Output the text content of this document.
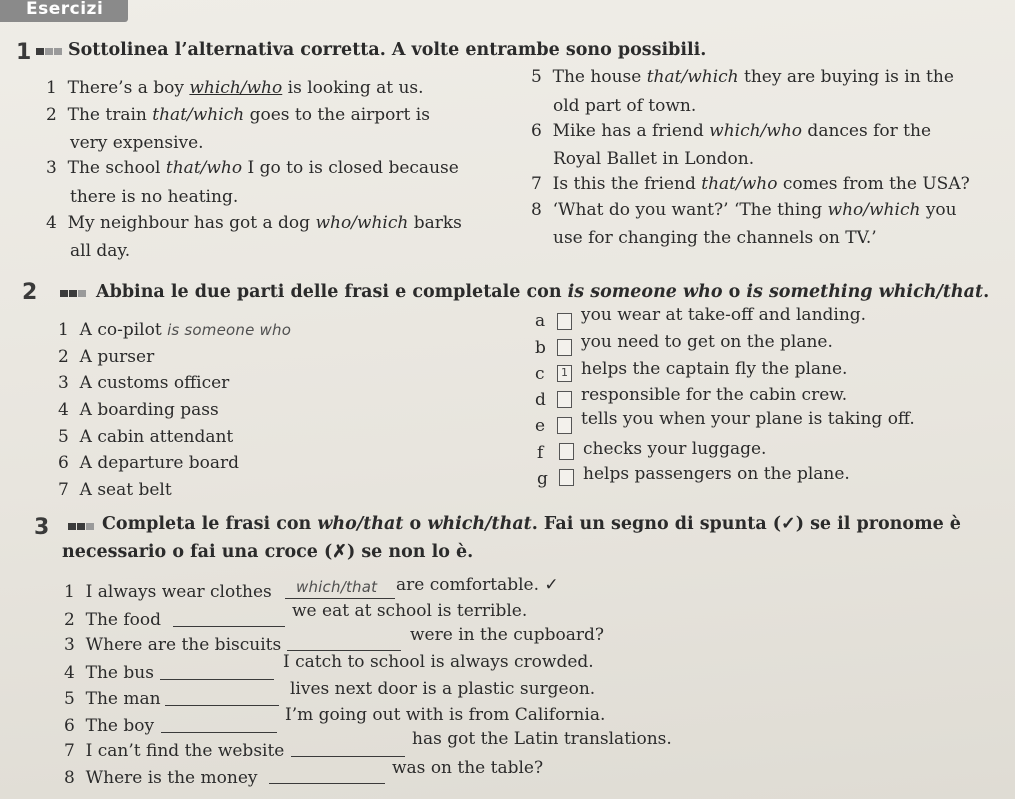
Esercizi
1 Sottolinea l’alternativa corretta. A volte entrambe sono possibili.
1 There’s a boy which/who is looking at us.
2 The train that/which goes to the airport is
very expensive.
3 The school that/who I go to is closed because
there is no heating.
4 My neighbour has got a dog who/which barks
all day.
5 The house that/which they are buying is in the
old part of town.
6 Mike has a friend which/who dances for the
Royal Ballet in London.
7 Is this the friend that/who comes from the USA?
8 ‘What do you want?’ ‘The thing who/which you
use for changing the channels on TV.’
2	Abbina le due parti delle frasi e completale con is someone who o is something which/that.
1 A co-pilot is someone who
2 A purser
3 A customs officer
4 A boarding pass
5 A cabin attendant
6 A departure board
7 A seat belt
a you wear at take-off and landing.
b you need to get on the plane.
c 1 helps the captain fly the plane.
d responsible for the cabin crew.
e tells you when your plane is taking off.
f checks your luggage.
g helps passengers on the plane.
3	Completa le frasi con who/that o which/that. Fai un segno di spunta (✓) se il pronome è
necessario o fai una croce (✗) se non lo è.
1 I always wear clothes which/that are comfortable. ✓
2 The food	we eat at school is terrible.
3 Where are the biscuits	were in the cupboard?
4 The bus
I catch to school is always crowded.
5 The man	lives next door is a plastic surgeon.
6 The boy
I’m going out with is from California.
7 I can’t find the website
has got the Latin translations.
8 Where is the money	was on the table?
